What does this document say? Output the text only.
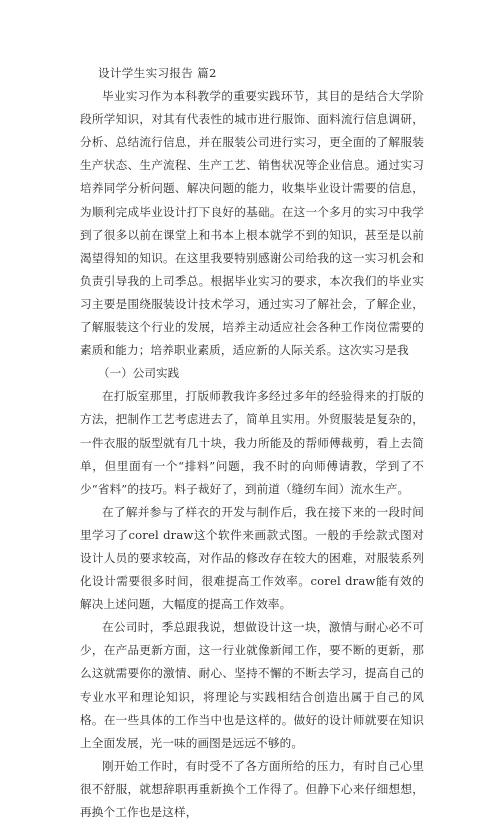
设计学生实习报告 篇2

毕业实习作为本科教学的重要实践环节，其目的是结合大学阶段所学知识，对其有代表性的城市进行服饰、面料流行信息调研，分析、总结流行信息，并在服装公司进行实习，更全面的了解服装生产状态、生产流程、生产工艺、销售状况等企业信息。通过实习培养同学分析问题、解决问题的能力，收集毕业设计需要的信息，为顺利完成毕业设计打下良好的基础。在这一个多月的实习中我学到了很多以前在课堂上和书本上根本就学不到的知识，甚至是以前渴望得知的知识。在这里我要特别感谢公司给我的这一实习机会和负责引导我的上司季总。根据毕业实习的要求，本次我们的毕业实习主要是围绕服装设计技术学习，通过实习了解社会，了解企业，了解服装这个行业的发展，培养主动适应社会各种工作岗位需要的素质和能力；培养职业素质，适应新的人际关系。这次实习是我

（一）公司实践

在打版室那里，打版师教我许多经过多年的经验得来的打版的方法，把制作工艺考虑进去了，简单且实用。外贸服装是复杂的，一件衣服的版型就有几十块，我力所能及的帮师傅裁剪，看上去简单，但里面有一个“排料”问题，我不时的向师傅请教，学到了不少“省料”的技巧。料子裁好了，到前道（缝纫车间）流水生产。

在了解并参与了样衣的开发与制作后，我在接下来的一段时间里学习了corel draw这个软件来画款式图。一般的手绘款式图对设计人员的要求较高，对作品的修改存在较大的困难，对服装系列化设计需要很多时间，很难提高工作效率。corel draw能有效的解决上述问题，大幅度的提高工作效率。

在公司时，季总跟我说，想做设计这一块，激情与耐心必不可少，在产品更新方面，这一行业就像新闻工作，要不断的更新，那么这就需要你的激情、耐心、坚持不懈的不断去学习，提高自己的专业水平和理论知识，将理论与实践相结合创造出属于自己的风格。在一些具体的工作当中也是这样的。做好的设计师就要在知识上全面发展，光一味的画图是远远不够的。

刚开始工作时，有时受不了各方面所给的压力，有时自己心里很不舒服，就想辞职再重新换个工作得了。但静下心来仔细想想，再换个工作也是这样，
